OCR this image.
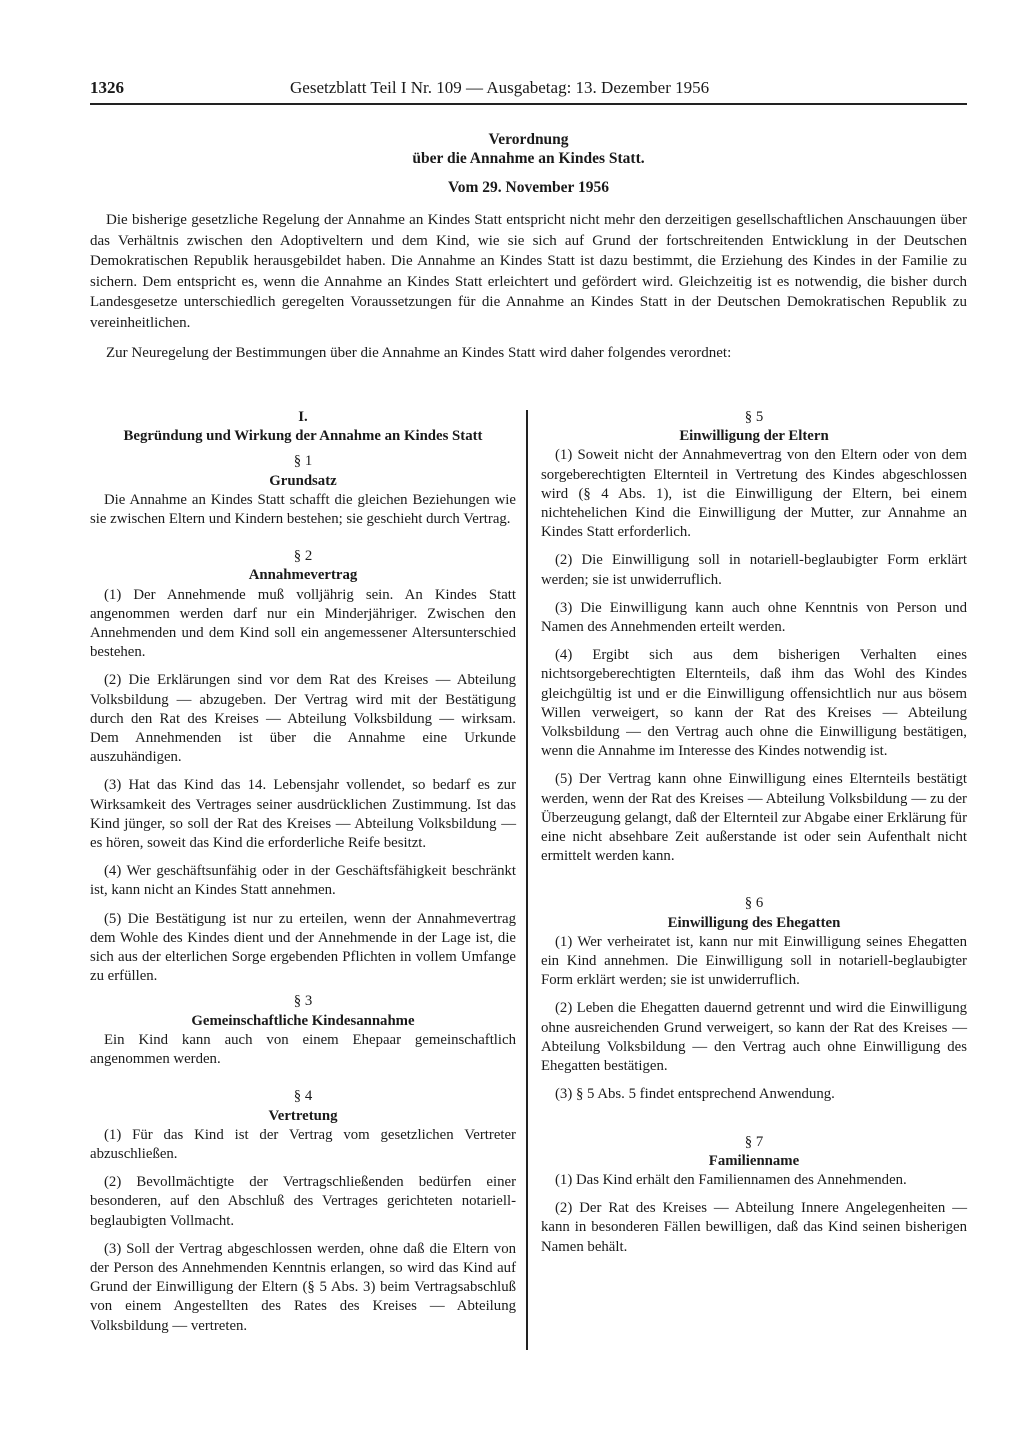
1326	Gesetzblatt Teil I Nr. 109 — Ausgabetag: 13. Dezember 1956
Verordnung
über die Annahme an Kindes Statt.
Vom 29. November 1956

Die bisherige gesetzliche Regelung der Annahme an Kindes Statt entspricht nicht mehr den derzeitigen gesellschaftlichen Anschauungen über das Verhältnis zwischen den Adoptiveltern und dem Kind, wie sie sich auf Grund der fortschreitenden Entwicklung in der Deutschen Demokratischen Republik herausgebildet haben. Die Annahme an Kindes Statt ist dazu bestimmt, die Erziehung des Kindes in der Familie zu sichern. Dem entspricht es, wenn die Annahme an Kindes Statt erleichtert und gefördert wird. Gleichzeitig ist es notwendig, die bisher durch Landesgesetze unterschiedlich geregelten Voraussetzungen für die Annahme an Kindes Statt in der Deutschen Demokratischen Republik zu vereinheitlichen.

Zur Neuregelung der Bestimmungen über die Annahme an Kindes Statt wird daher folgendes verordnet:

I.
Begründung und Wirkung der Annahme an Kindes Statt
§ 1
Grundsatz

Die Annahme an Kindes Statt schafft die gleichen Beziehungen wie sie zwischen Eltern und Kindern bestehen; sie geschieht durch Vertrag.

§ 2
Annahmevertrag

(1) Der Annehmende muß volljährig sein. An Kindes Statt angenommen werden darf nur ein Minderjähriger. Zwischen den Annehmenden und dem Kind soll ein angemessener Altersunterschied bestehen.

(2) Die Erklärungen sind vor dem Rat des Kreises — Abteilung Volksbildung — abzugeben. Der Vertrag wird mit der Bestätigung durch den Rat des Kreises — Abteilung Volksbildung — wirksam. Dem Annehmenden ist über die Annahme eine Urkunde auszuhändigen.

(3) Hat das Kind das 14. Lebensjahr vollendet, so bedarf es zur Wirksamkeit des Vertrages seiner ausdrücklichen Zustimmung. Ist das Kind jünger, so soll der Rat des Kreises — Abteilung Volksbildung — es hören, soweit das Kind die erforderliche Reife besitzt.

(4) Wer geschäftsunfähig oder in der Geschäftsfähigkeit beschränkt ist, kann nicht an Kindes Statt annehmen.

(5) Die Bestätigung ist nur zu erteilen, wenn der Annahmevertrag dem Wohle des Kindes dient und der Annehmende in der Lage ist, die sich aus der elterlichen Sorge ergebenden Pflichten in vollem Umfange zu erfüllen.

§ 3
Gemeinschaftliche Kindesannahme

Ein Kind kann auch von einem Ehepaar gemeinschaftlich angenommen werden.

§ 4
Vertretung

(1) Für das Kind ist der Vertrag vom gesetzlichen Vertreter abzuschließen.

(2) Bevollmächtigte der Vertragschließenden bedürfen einer besonderen, auf den Abschluß des Vertrages gerichteten notariell-beglaubigten Vollmacht.

(3) Soll der Vertrag abgeschlossen werden, ohne daß die Eltern von der Person des Annehmenden Kenntnis erlangen, so wird das Kind auf Grund der Einwilligung der Eltern (§ 5 Abs. 3) beim Vertragsabschluß von einem Angestellten des Rates des Kreises — Abteilung Volksbildung — vertreten.

§ 5
Einwilligung der Eltern

(1) Soweit nicht der Annahmevertrag von den Eltern oder von dem sorgeberechtigten Elternteil in Vertretung des Kindes abgeschlossen wird (§ 4 Abs. 1), ist die Einwilligung der Eltern, bei einem nichtehelichen Kind die Einwilligung der Mutter, zur Annahme an Kindes Statt erforderlich.

(2) Die Einwilligung soll in notariell-beglaubigter Form erklärt werden; sie ist unwiderruflich.

(3) Die Einwilligung kann auch ohne Kenntnis von Person und Namen des Annehmenden erteilt werden.

(4) Ergibt sich aus dem bisherigen Verhalten eines nichtsorgeberechtigten Elternteils, daß ihm das Wohl des Kindes gleichgültig ist und er die Einwilligung offensichtlich nur aus bösem Willen verweigert, so kann der Rat des Kreises — Abteilung Volksbildung — den Vertrag auch ohne die Einwilligung bestätigen, wenn die Annahme im Interesse des Kindes notwendig ist.

(5) Der Vertrag kann ohne Einwilligung eines Elternteils bestätigt werden, wenn der Rat des Kreises — Abteilung Volksbildung — zu der Überzeugung gelangt, daß der Elternteil zur Abgabe einer Erklärung für eine nicht absehbare Zeit außerstande ist oder sein Aufenthalt nicht ermittelt werden kann.

§ 6
Einwilligung des Ehegatten

(1) Wer verheiratet ist, kann nur mit Einwilligung seines Ehegatten ein Kind annehmen. Die Einwilligung soll in notariell-beglaubigter Form erklärt werden; sie ist unwiderruflich.

(2) Leben die Ehegatten dauernd getrennt und wird die Einwilligung ohne ausreichenden Grund verweigert, so kann der Rat des Kreises — Abteilung Volksbildung — den Vertrag auch ohne Einwilligung des Ehegatten bestätigen.

(3) § 5 Abs. 5 findet entsprechend Anwendung.

§ 7
Familienname

(1) Das Kind erhält den Familiennamen des Annehmenden.

(2) Der Rat des Kreises — Abteilung Innere Angelegenheiten — kann in besonderen Fällen bewilligen, daß das Kind seinen bisherigen Namen behält.
